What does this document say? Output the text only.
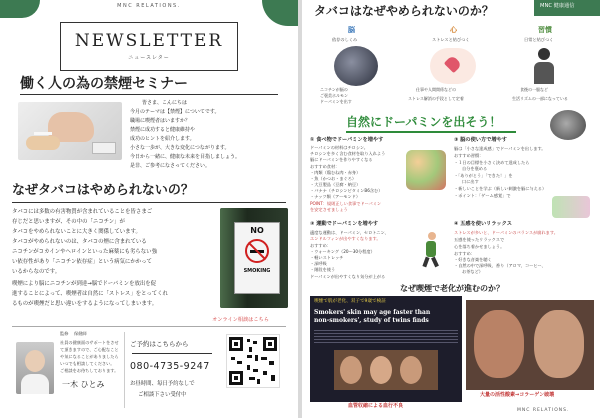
MNC RELATIONS.
NEWSLETTER
ニュースレター
働く人の為の禁煙セミナー
皆さま、こんにちは
今月のテーマは【禁煙】についてです。
職場に喫煙者はいますか？
禁煙に成功すると健康維持や
成功のヒントを紹介します。
小さな一歩が、大きな変化につながります。
今日から一緒に、健康な未来を目指しましょう。
是非、ご参考になさってください。
なぜタバコはやめられないの？
タバコには多数の有害物質が含まれていることを皆さまご
存じだと思いますが、その中の「ニコチン」が
タバコをやめられないことに大きく関係しています。
タバコがやめられないのは、タバコの煙に含まれている
ニコチンがコカインやヘロインといった麻薬にも劣らない強
い依存性があり「ニコチン依存症」という病気にかかって
いるからなのです。
喫煙により脳にニコチンが到達→脳でドーパミンを放出を促
進することによって、喫煙者は自然に「ストレス」をとってくれ
るものが喫煙だと思い違いをするようになってしまいます。
NO
SMOKING
オンライン相談はこちら
監修 保健師
社員の健康面のサポートをさせ
て頂きますので、ご心配なこと
や気になることがありましたら
いつでも相談してください。
ご相談をお待ちしております。
一木 ひとみ
ご予約はこちらから
080-4735-9247
お昼時間、毎日予約なしで
ご相談下さい受付中
タバコはなぜやめられないのか？	MNC 健康通信
脳	心	習慣
依存のしくみ	ストレスと結びつく	日常と結びつく
ニコチンが脳の
ご褒美ホルモン
ドーパミンを出す
仕事や人間関係などの
ストレス解消の手段として定着
食後の一服など
生活リズムの一部になっている
自然にドーパミンを出そう！
① 食べ物でドーパミンを増やす
ドーパミンの材料はチロシン。
チロシンを多く含む食材を取り入れよう
脳にドーパミンを作りやすくなる
おすすめ食材：
・肉類（鶏むね肉・赤身）
・魚（かつお・まぐろ）
・大豆製品（豆腐・納豆）
・バナナ（チロシンビタミンB6含む）
・ナッツ類（アーモンド）
POINT：規則正しい食事でドーパミン
を安定させましょう
② 運動でドーパミンを増やす
適度な運動は、ドーパミン、セロトニン、
エンドルフィンが出やすくなります。
おすすめ：
・ウォーキング（20〜30分程度）
・軽いストレッチ
・深呼吸
・階段を使う
ドーパミンが出やすくなり気分が上がる
③ 脳の使い方で増やす
脳は「小さな達成感」でドーパミンを出します。
おすすめ習慣：
・１日の目標を小さく決めて達成したら
自分を褒める
・「ありがとう」「できた！」を
口に出す
・新しいことを学ぶ（新しい刺激を脳に与える）
・ポイント：「ゲーム感覚」で
④ 五感を使いリラックス
ストレスが多いと、ドーパミンのバランスが崩れます。
五感を使ったリラックスで
心を落ち着かせましょう。
おすすめ：
・好きな音楽を聴く
・自然の中で深呼吸、香り（アロマ、コーヒー、
お茶など）
なぜ喫煙で老化が進むのか？
喫煙で肌が老化、双子で9歳で検証
Smokers' skin may age faster than
non-smokers', study of twins finds
血管収縮による血行不良
大量の活性酸素→コラーゲン破壊
MNC RELATIONS.
